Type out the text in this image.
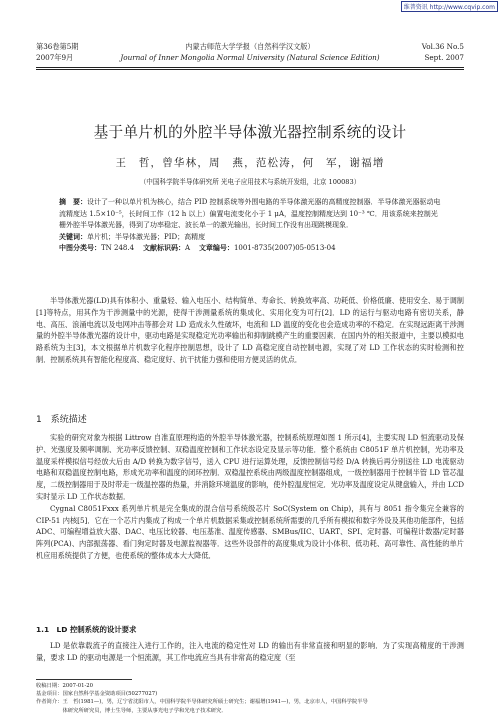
维普资讯 http://www.cqvip.com
第36卷第5期
2007年9月
内蒙古师范大学学报（自然科学汉文版）
Journal of Inner Mongolia Normal University (Natural Science Edition)
Vol.36 No.5
Sept. 2007
基于单片机的外腔半导体激光器控制系统的设计
王　哲，曾华林，周　燕，范松涛，何　军，谢福增
（中国科学院半导体研究所 光电子应用技术与系统开发组，北京 100083）
摘　要：设计了一种以单片机为核心，结合 PID 控制系统等外围电路的半导体激光器的高精度控制器．半导体激光器驱动电流精度达 1.5×10⁻⁵，长时间工作（12 h 以上）偏置电流变化小于 1 μA，温度控制精度达到 10⁻³ ℃．用该系统来控制光栅外腔半导体激光器，得到了功率稳定、波长单一的激光输出，长时间工作没有出现跳模现象．
关键词：单片机；半导体激光器；PID；高精度
中图分类号：TN 248.4 文献标识码：A 文章编号：1001-8735(2007)05-0513-04

半导体激光器(LD)具有体积小、重量轻、输入电压小、结构简单、寿命长、转换效率高、功耗低、价格低廉、使用安全、易于调制[1]等特点，用其作为干涉测量中的光源，使得干涉测量系统的集成化、实用化变为可行[2]．LD 的运行与驱动电路有密切关系，静电、高压、浪涌电流以及电网冲击等都会对 LD 造成永久性破坏，电流和 LD 温度的变化也会造成功率的不稳定．在实现远距离干涉测量的外腔半导体激光器的设计中，驱动电路是实现稳定光功率输出和抑制跳模产生的重要因素．在国内外的相关报道中，主要以模拟电路系统为主[3]，本文根据单片机数字化程序控制思想，设计了 LD 高稳定度自动控制电源，实现了对 LD 工作状态的实时检测和控制．控制系统具有智能化程度高、稳定度好、抗干扰能力强和使用方便灵活的优点．

1　系统描述

实验的研究对象为根据 Littrow 自准直原理构造的外腔半导体激光器，控制系统原理如图 1 所示[4]，主要实现 LD 恒流驱动及保护、光强度及频率调制、光功率反馈控制、双稳温度控制和工作状态设定及显示等功能．整个系统由 C8051F 单片机控制，光功率及温度采样模拟信号经放大后由 A/D 转换为数字信号，送入 CPU 进行运算处理，反馈控制信号经 D/A 转换后再分别送往 LD 电流驱动电路和双稳温度控制电路，形成光功率和温度的闭环控制．双稳温控系统由两级温度控制器组成，一级控制器用于控制半管 LD 管芯温度，二级控制器用于及时带走一级温控器的热量，并消除环境温度的影响，使外腔温度恒定．光功率及温度设定从键盘输入，并由 LCD 实时显示 LD 工作状态数据．

Cygnal C8051Fxxx 系列单片机是完全集成的混合信号系统级芯片 SoC(System on Chip)，具有与 8051 指令集完全兼容的 CIP-51 内核[5]．它在一个芯片内集成了构成一个单片机数据采集或控制系统所需要的几乎所有模拟和数字外设及其他功能部件，包括 ADC、可编程增益放大器、DAC、电压比较器、电压基准、温度传感器、SMBus/IIC、UART、SPI、定时器、可编程计数器/定时器阵列(PCA)、内部振荡器、看门狗定时器及电源监视器等．这些外设部件的高度集成为设计小体积、低功耗、高可靠性、高性能的单片机应用系统提供了方便，也使系统的整体成本大大降低．

1.1　LD 控制系统的设计要求

LD 是依靠载流子的直接注入进行工作的，注入电流的稳定性对 LD 的输出有非常直接和明显的影响．为了实现高精度的干涉测量，要求 LD 的驱动电源是一个恒流源，其工作电流应当具有非常高的稳定度（至

收稿日期：2007-01-20
基金项目：国家自然科学基金资助项目(50277027)
作者简介：王　哲(1981—)，男，辽宁省沈阳市人，中国科学院半导体研究所硕士研究生；谢福增(1941—)，男，北京市人，中国科学院半导
　　　　　体研究所研究员，博士生导师，主要从事光电子学和光电子技术研究．
